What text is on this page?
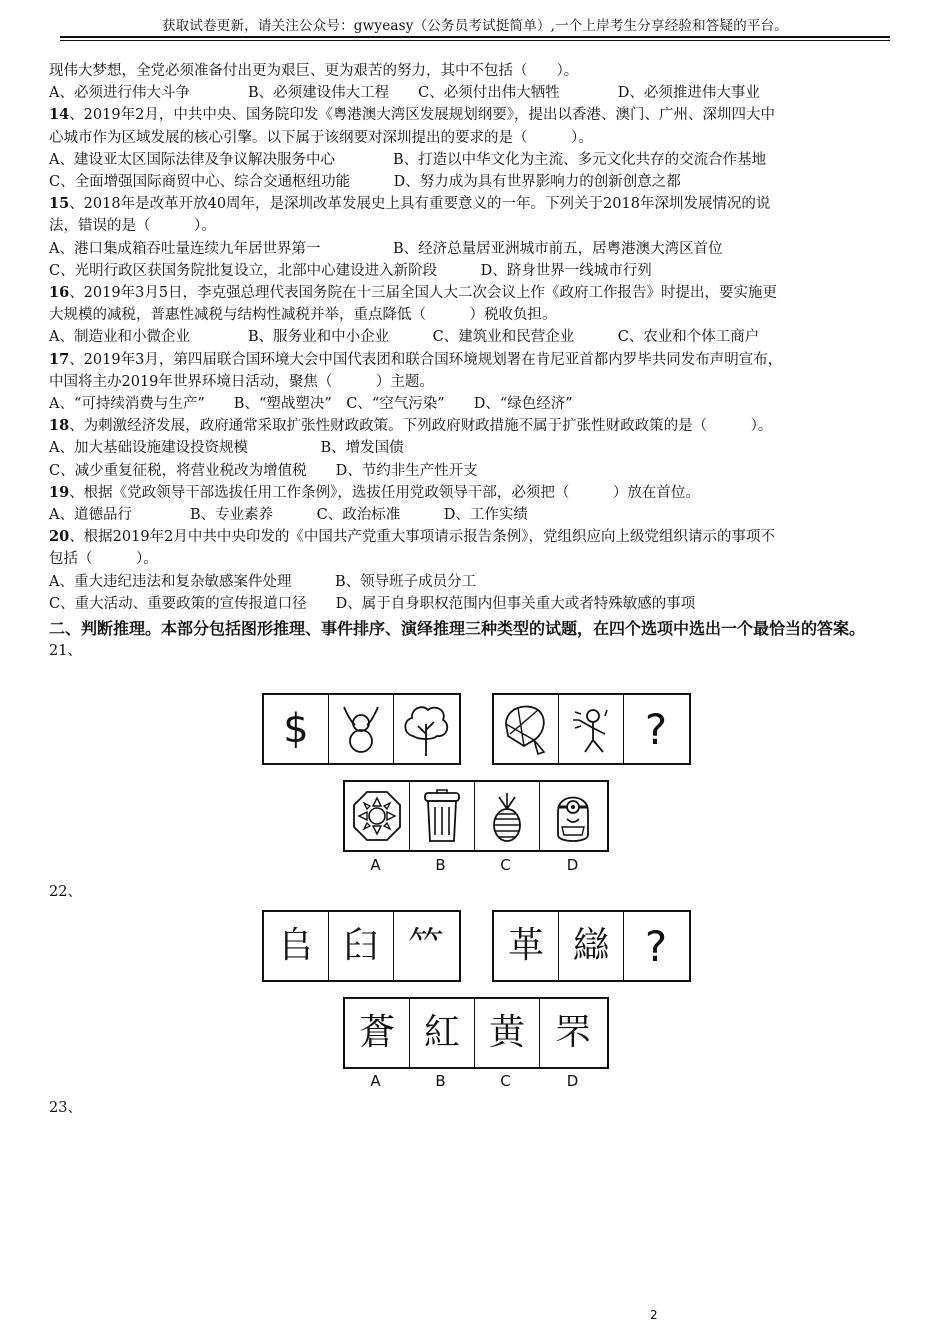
获取试卷更新，请关注公众号：gwyeasy（公务员考试挺简单）,一个上岸考生分享经验和答疑的平台。

现伟大梦想，全党必须准备付出更为艰巨、更为艰苦的努力，其中不包括（　　）。

A、必须进行伟大斗争　　　　B、必须建设伟大工程　　C、必须付出伟大牺牲　　　　D、必须推进伟大事业

14、2019年2月，中共中央、国务院印发《粤港澳大湾区发展规划纲要》，提出以香港、澳门、广州、深圳四大中

心城市作为区域发展的核心引擎。以下属于该纲要对深圳提出的要求的是（　　　）。

A、建设亚太区国际法律及争议解决服务中心　　　　B、打造以中华文化为主流、多元文化共存的交流合作基地

C、全面增强国际商贸中心、综合交通枢纽功能　　　D、努力成为具有世界影响力的创新创意之都

15、2018年是改革开放40周年，是深圳改革发展史上具有重要意义的一年。下列关于2018年深圳发展情况的说

法，错误的是（　　　）。

A、港口集成箱吞吐量连续九年居世界第一　　　　　B、经济总量居亚洲城市前五，居粤港澳大湾区首位

C、光明行政区获国务院批复设立，北部中心建设进入新阶段　　　D、跻身世界一线城市行列

16、2019年3月5日，李克强总理代表国务院在十三届全国人大二次会议上作《政府工作报告》时提出，要实施更

大规模的减税，普惠性减税与结构性减税并举，重点降低（　　　）税收负担。

A、制造业和小微企业　　　　B、服务业和中小企业　　　C、建筑业和民营企业　　　C、农业和个体工商户

17、2019年3月，第四届联合国环境大会中国代表团和联合国环境规划署在肯尼亚首都内罗毕共同发布声明宣布，

中国将主办2019年世界环境日活动，聚焦（　　　）主题。

A、“可持续消费与生产”　　B、“塑战塑决”　C、“空气污染”　　D、“绿色经济”

18、为刺激经济发展，政府通常采取扩张性财政政策。下列政府财政措施不属于扩张性财政政策的是（　　　）。

A、加大基础设施建设投资规模　　　　　B、增发国债

C、减少重复征税，将营业税改为增值税　　D、节约非生产性开支

19、根据《党政领导干部选拔任用工作条例》，选拔任用党政领导干部，必须把（　　　）放在首位。

A、道德品行　　　　B、专业素养　　　C、政治标准　　　D、工作实绩

20、根据2019年2月中共中央印发的《中国共产党重大事项请示报告条例》，党组织应向上级党组织请示的事项不

包括（　　　）。

A、重大违纪违法和复杂敏感案件处理　　　B、领导班子成员分工

C、重大活动、重要政策的宣传报道口径　　D、属于自身职权范围内但事关重大或者特殊敏感的事项

二、判断推理。本部分包括图形推理、事件排序、演绎推理三种类型的试题，在四个选项中选出一个最恰当的答案。

21、

$	?
A	B	C	D
𠂤 𦥑 𥫗 革 䜌 ?
蒼 紅 黄 罘
A	B	C	D
2
22、
23、
